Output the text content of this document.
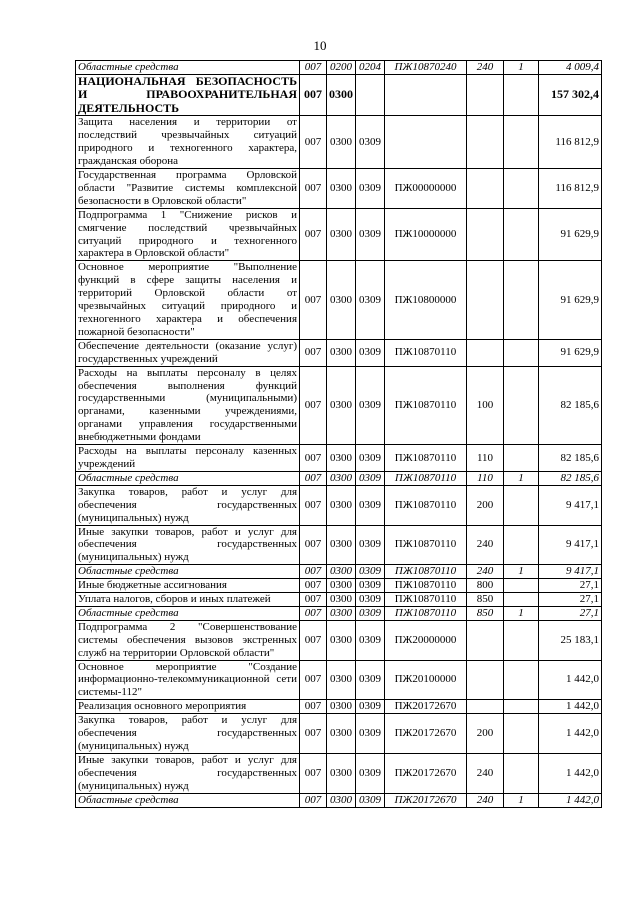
10
Областные средства	007	0200	0204	ПЖ10870240	240	1	4 009,4
НАЦИОНАЛЬНАЯ БЕЗОПАСНОСТЬ И ПРАВООХРАНИТЕЛЬНАЯ ДЕЯТЕЛЬНОСТЬ	007	0300					157 302,4
Защита населения и территории от последствий чрезвычайных ситуаций природного и техногенного характера, гражданская оборона	007	0300	0309				116 812,9
Государственная программа Орловской области "Развитие системы комплексной безопасности в Орловской области"	007	0300	0309	ПЖ00000000			116 812,9
Подпрограмма 1 "Снижение рисков и смягчение последствий чрезвычайных ситуаций природного и техногенного характера в Орловской области"	007	0300	0309	ПЖ10000000			91 629,9
Основное мероприятие "Выполнение функций в сфере защиты населения и территорий Орловской области от чрезвычайных ситуаций природного и техногенного характера и обеспечения пожарной безопасности"	007	0300	0309	ПЖ10800000			91 629,9
Обеспечение деятельности (оказание услуг) государственных учреждений	007	0300	0309	ПЖ10870110			91 629,9
Расходы на выплаты персоналу в целях обеспечения выполнения функций государственными (муниципальными) органами, казенными учреждениями, органами управления государственными внебюджетными фондами	007	0300	0309	ПЖ10870110	100		82 185,6
Расходы на выплаты персоналу казенных учреждений	007	0300	0309	ПЖ10870110	110		82 185,6
Областные средства	007	0300	0309	ПЖ10870110	110	1	82 185,6
Закупка товаров, работ и услуг для обеспечения государственных (муниципальных) нужд	007	0300	0309	ПЖ10870110	200		9 417,1
Иные закупки товаров, работ и услуг для обеспечения государственных (муниципальных) нужд	007	0300	0309	ПЖ10870110	240		9 417,1
Областные средства	007	0300	0309	ПЖ10870110	240	1	9 417,1
Иные бюджетные ассигнования	007	0300	0309	ПЖ10870110	800		27,1
Уплата налогов, сборов и иных платежей	007	0300	0309	ПЖ10870110	850		27,1
Областные средства	007	0300	0309	ПЖ10870110	850	1	27,1
Подпрограмма 2 "Совершенствование системы обеспечения вызовов экстренных служб на территории Орловской области"	007	0300	0309	ПЖ20000000			25 183,1
Основное мероприятие "Создание информационно-телекоммуникационной сети системы-112"	007	0300	0309	ПЖ20100000			1 442,0
Реализация основного мероприятия	007	0300	0309	ПЖ20172670			1 442,0
Закупка товаров, работ и услуг для обеспечения государственных (муниципальных) нужд	007	0300	0309	ПЖ20172670	200		1 442,0
Иные закупки товаров, работ и услуг для обеспечения государственных (муниципальных) нужд	007	0300	0309	ПЖ20172670	240		1 442,0
Областные средства	007	0300	0309	ПЖ20172670	240	1	1 442,0
